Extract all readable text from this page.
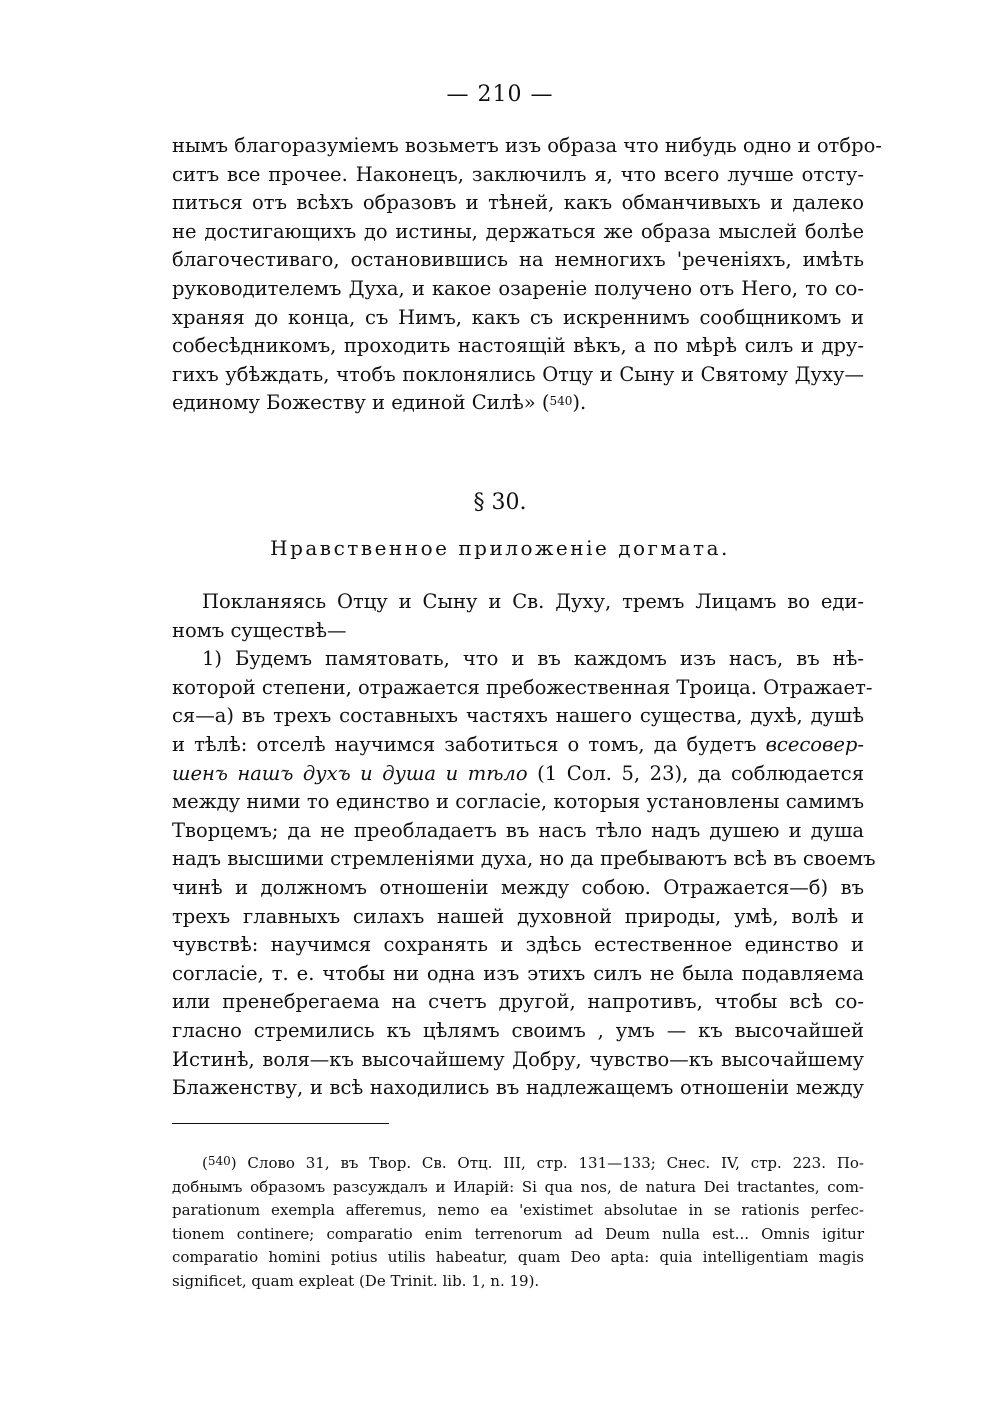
— 210 —
нымъ благоразуміемъ возьметъ изъ образа что нибудь одно и отбро-
ситъ все прочее. Наконецъ, заключилъ я, что всего лучше отсту-
питься отъ всѣхъ образовъ и тѣней, какъ обманчивыхъ и далеко
не достигающихъ до истины, держаться же образа мыслей болѣе
благочестиваго, остановившись на немногихъ 'реченіяхъ, имѣть
руководителемъ Духа, и какое озареніе получено отъ Него, то со-
храняя до конца, съ Нимъ, какъ съ искреннимъ сообщникомъ и
собесѣдникомъ, проходить настоящій вѣкъ, а по мѣрѣ силъ и дру-
гихъ убѣждать, чтобъ поклонялись Отцу и Сыну и Святому Духу—
единому Божеству и единой Силѣ» ($^{540}$).
§ 30.
Нравственное приложеніе догмата.
Покланяясь Отцу и Сыну и Св. Духу, тремъ Лицамъ во еди-
номъ существѣ—
1) Будемъ памятовать, что и въ каждомъ изъ насъ, въ нѣ-
которой степени, отражается пребожественная Троица. Отражает-
ся—а) въ трехъ составныхъ частяхъ нашего существа, духѣ, душѣ
и тѣлѣ: отселѣ научимся заботиться о томъ, да будетъ всесовер-
шенъ нашъ духъ и душа и тѣло (1 Сол. 5, 23), да соблюдается
между ними то единство и согласіе, которыя установлены самимъ
Творцемъ; да не преобладаетъ въ насъ тѣло надъ душею и душа
надъ высшими стремленіями духа, но да пребываютъ всѣ въ своемъ
чинѣ и должномъ отношеніи между собою. Отражается—б) въ
трехъ главныхъ силахъ нашей духовной природы, умѣ, волѣ и
чувствѣ: научимся сохранять и здѣсь естественное единство и
согласіе, т. е. чтобы ни одна изъ этихъ силъ не была подавляема
или пренебрегаема на счетъ другой, напротивъ, чтобы всѣ со-
гласно стремились къ цѣлямъ своимъ , умъ — къ высочайшей
Истинѣ, воля—къ высочайшему Добру, чувство—къ высочайшему
Блаженству, и всѣ находились въ надлежащемъ отношеніи между
($^{540}$) Слово 31, въ Твор. Св. Отц. III, стр. 131—133; Снес. IV, стр. 223. По-
добнымъ образомъ разсуждалъ и Иларій: Si qua nos, de natura Dei tractantes, com-
parationum exempla afferemus, nemo ea 'existimet absolutae in se rationis perfec-
tionem continere; comparatio enim terrenorum ad Deum nulla est... Omnis igitur
comparatio homini potius utilis habeatur, quam Deo apta: quia intelligentiam magis
significet, quam expleat (De Trinit. lib. 1, n. 19).
